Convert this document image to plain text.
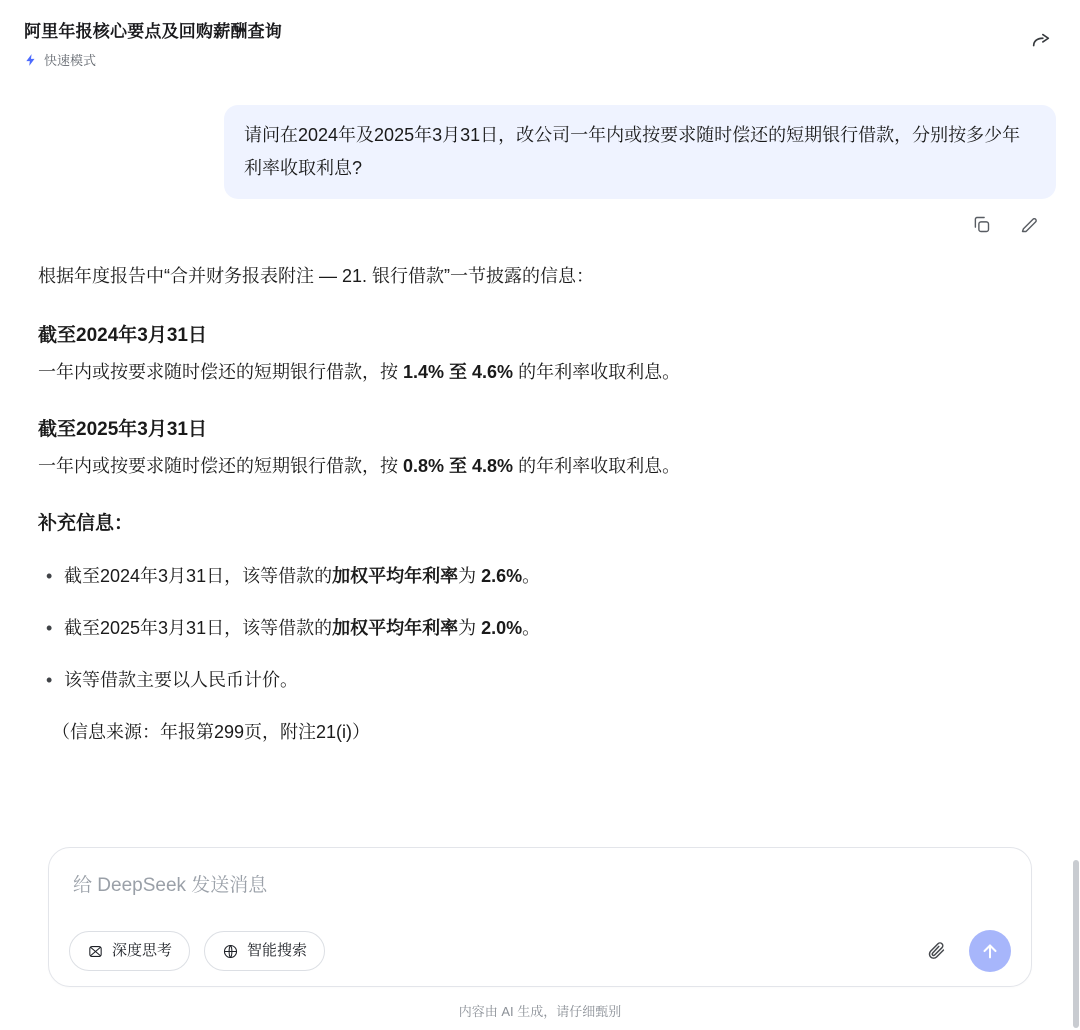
阿里年报核心要点及回购薪酬查询
快速模式
请问在2024年及2025年3月31日，改公司一年内或按要求随时偿还的短期银行借款，分别按多少年利率收取利息?

根据年度报告中“合并财务报表附注 — 21. 银行借款”一节披露的信息：

截至2024年3月31日

一年内或按要求随时偿还的短期银行借款，按 1.4% 至 4.6% 的年利率收取利息。

截至2025年3月31日

一年内或按要求随时偿还的短期银行借款，按 0.8% 至 4.8% 的年利率收取利息。

补充信息：
• 截至2024年3月31日，该等借款的加权平均年利率为 2.6%。
• 截至2025年3月31日，该等借款的加权平均年利率为 2.0%。
• 该等借款主要以人民币计价。

（信息来源：年报第299页，附注21(i)）

给 DeepSeek 发送消息
深度思考	智能搜索
内容由 AI 生成，请仔细甄别
